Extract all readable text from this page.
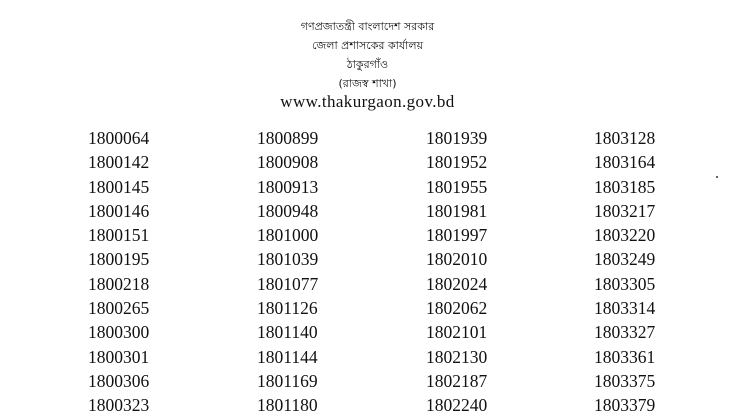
গণপ্রজাতন্ত্রী বাংলাদেশ সরকার
জেলা প্রশাসকের কার্যালয়
ঠাকুরগাঁও
(রাজস্ব শাখা)
www.thakurgaon.gov.bd
1800064
1800142
1800145
1800146
1800151
1800195
1800218
1800265
1800300
1800301
1800306
1800323
1800899
1800908
1800913
1800948
1801000
1801039
1801077
1801126
1801140
1801144
1801169
1801180
1801939
1801952
1801955
1801981
1801997
1802010
1802024
1802062
1802101
1802130
1802187
1802240
1803128
1803164
1803185
1803217
1803220
1803249
1803305
1803314
1803327
1803361
1803375
1803379
